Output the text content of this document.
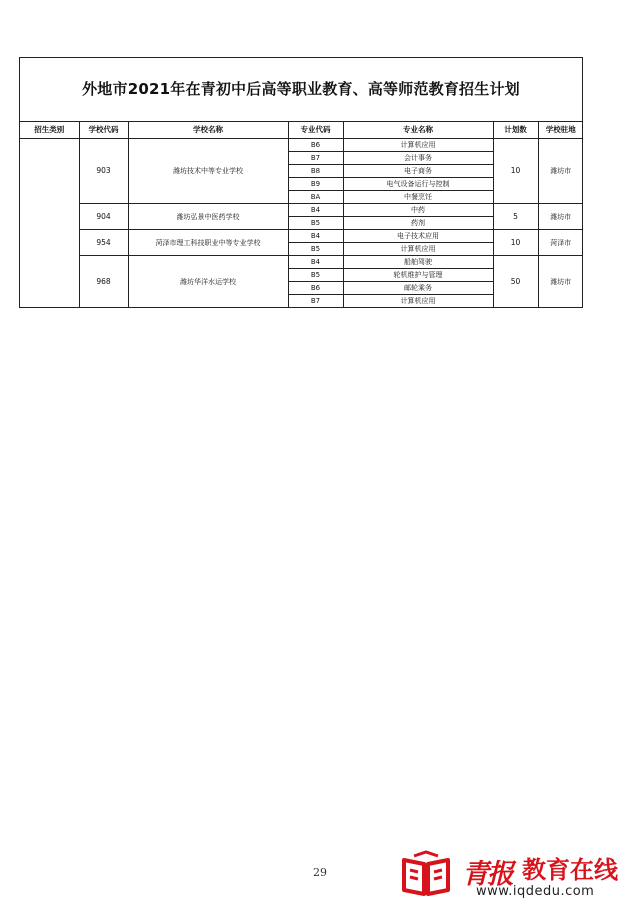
外地市2021年在青初中后高等职业教育、高等师范教育招生计划
招生类别	学校代码	学校名称	专业代码	专业名称	计划数	学校驻地
	903	潍坊技术中等专业学校	B6	计算机应用	10	潍坊市
			B7	会计事务		
			B8	电子商务		
			B9	电气设备运行与控制		
			BA	中餐烹饪		
	904	潍坊弘景中医药学校	B4	中药	5	潍坊市
			B5	药剂		
	954	菏泽市理工科技职业中等专业学校	B4	电子技术应用	10	菏泽市
			B5	计算机应用		
	968	潍坊华洋水运学校	B4	船舶驾驶	50	潍坊市
			B5	轮机维护与管理		
			B6	邮轮乘务		
			B7	计算机应用		
29	青报 教育在线
www.iqdedu.com
